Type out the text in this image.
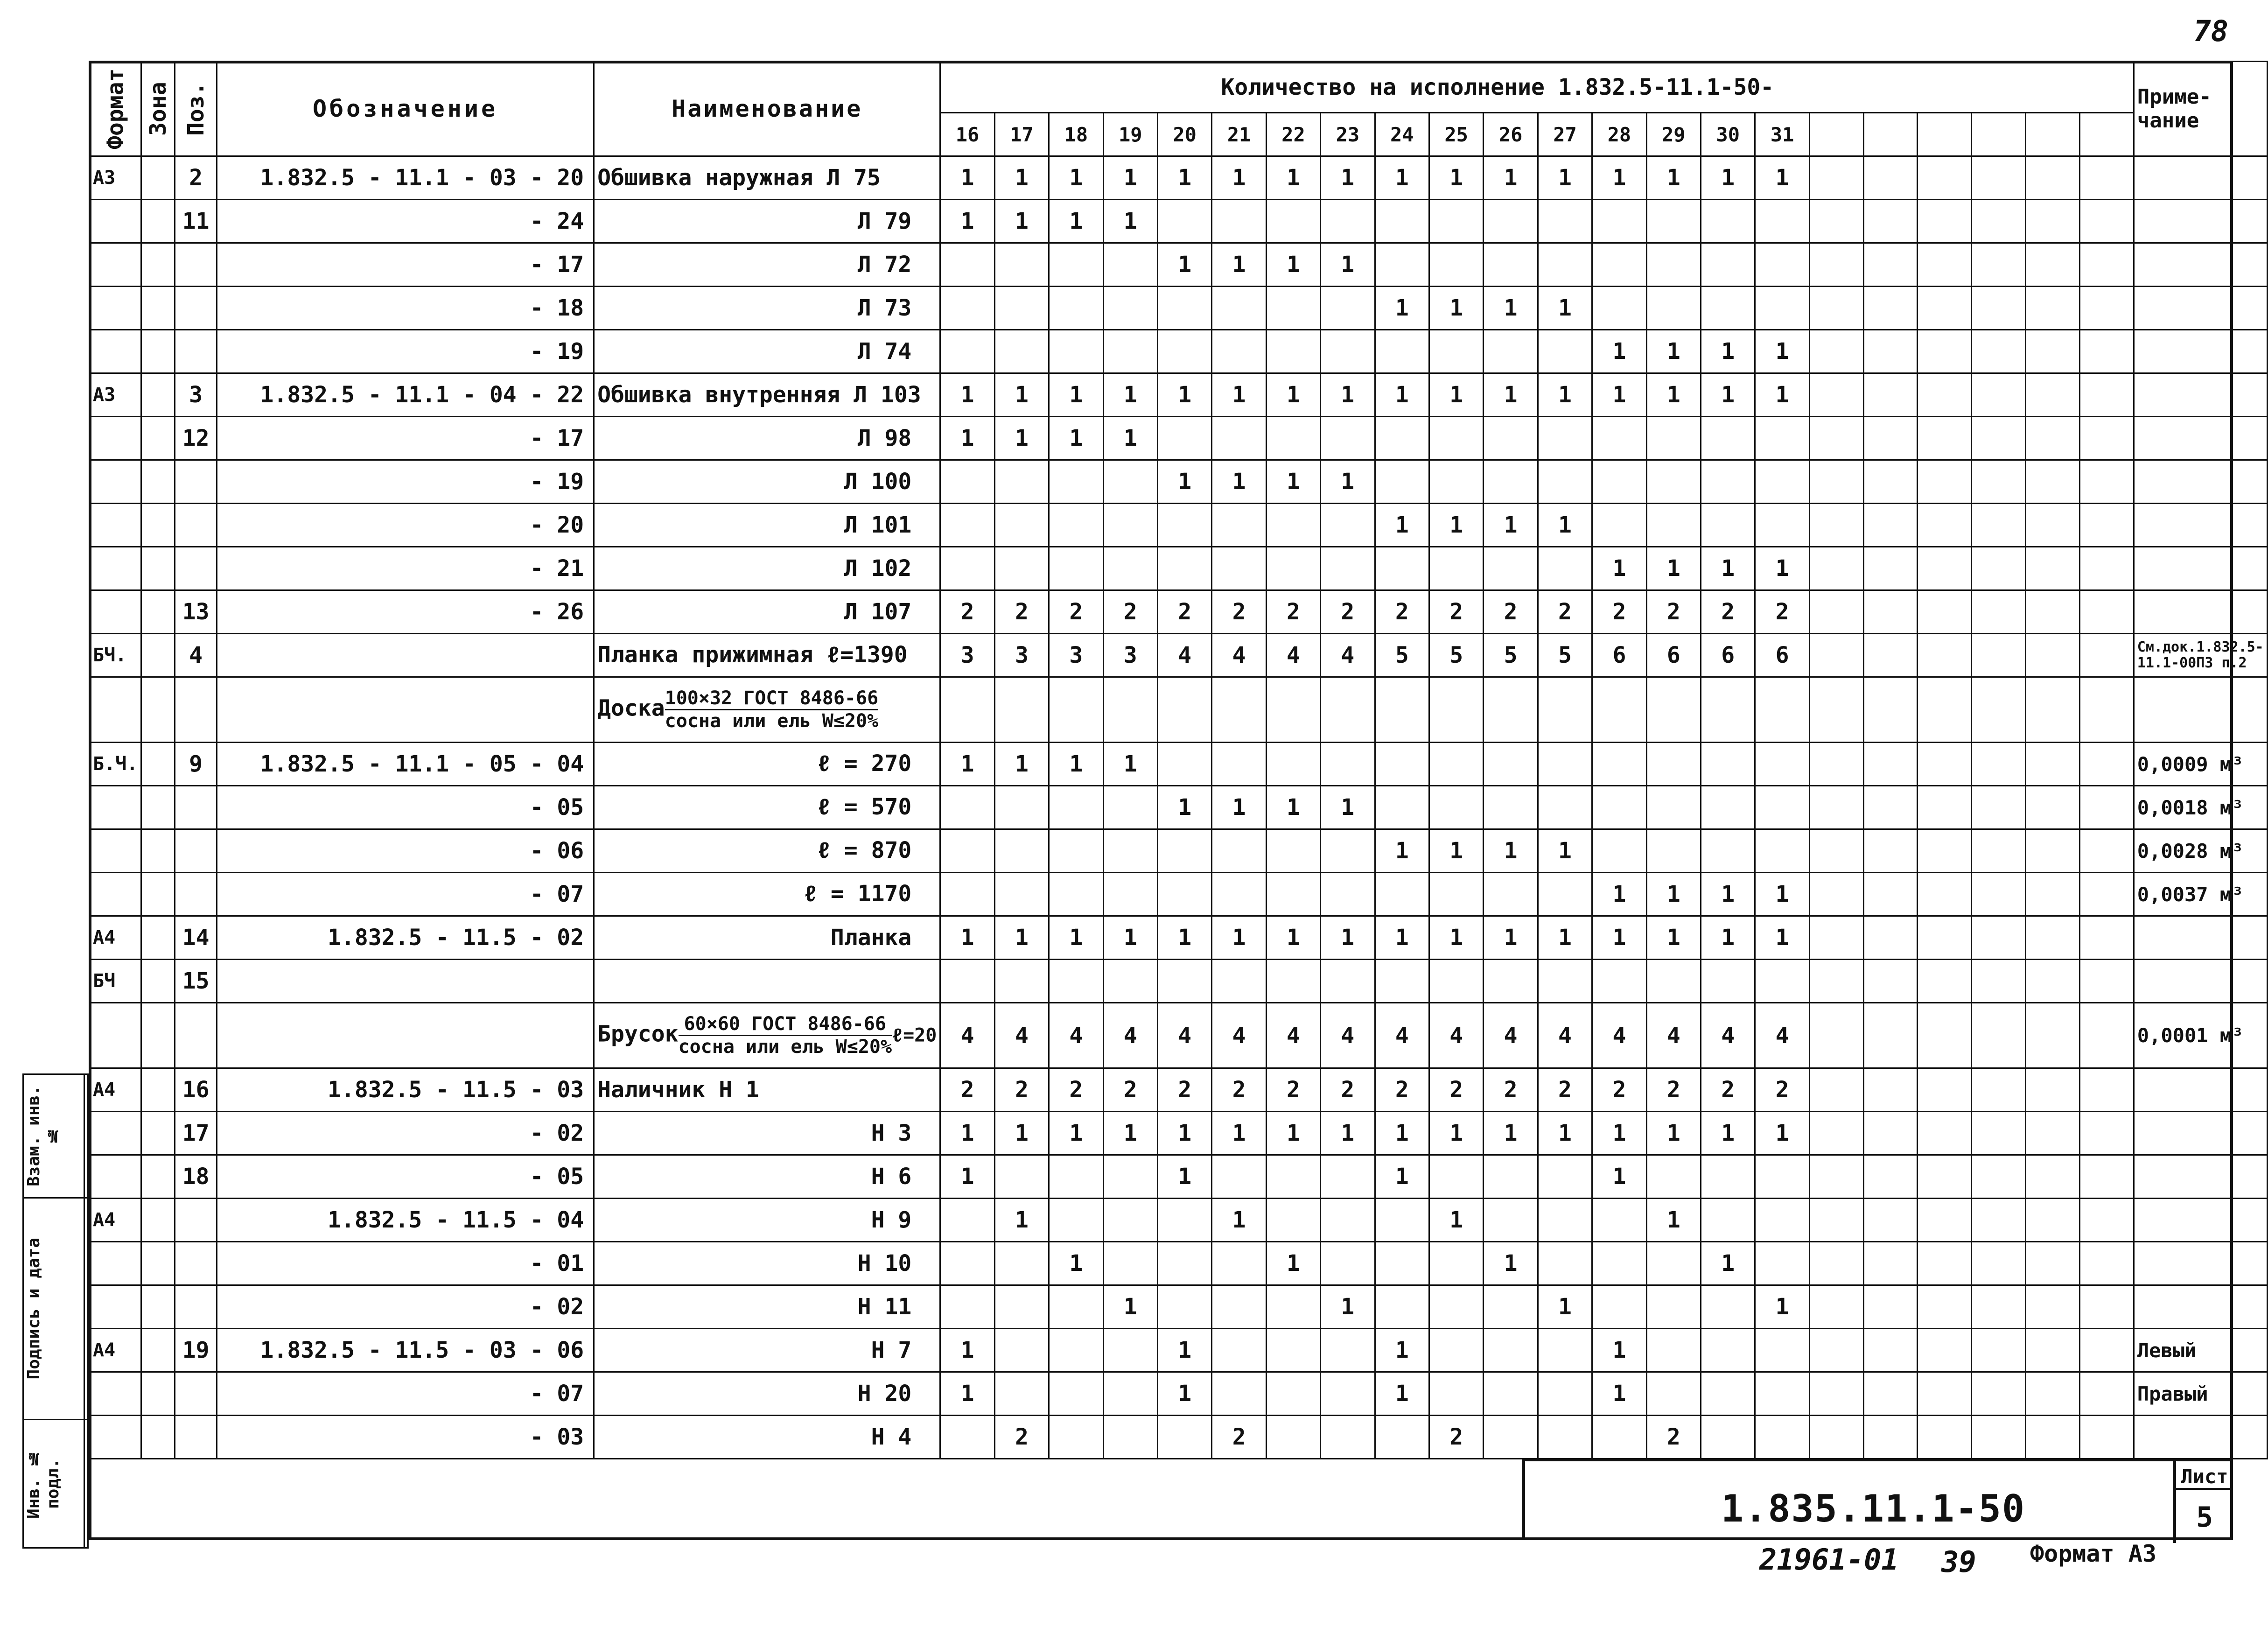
78
Формат	Зона	Поз.	Обозначение	Наименование	Количество на исполнение 1.832.5-11.1-50-																						Приме-чание
					16	17	18	19	20	21	22	23	24	25	26	27	28	29	30	31							
А3		2	1.832.5 - 11.1 - 03 - 20	Обшивка наружная Л 75	1	1	1	1	1	1	1	1	1	1	1	1	1	1	1	1							
		11	- 24	Л 79	1	1	1	1																			
			- 17	Л 72					1	1	1	1															
			- 18	Л 73									1	1	1	1											
			- 19	Л 74													1	1	1	1							
А3		3	1.832.5 - 11.1 - 04 - 22	Обшивка внутренняя Л 103	1	1	1	1	1	1	1	1	1	1	1	1	1	1	1	1							
		12	- 17	Л 98	1	1	1	1																			
			- 19	Л 100					1	1	1	1															
			- 20	Л 101									1	1	1	1											
			- 21	Л 102													1	1	1	1							
		13	- 26	Л 107	2	2	2	2	2	2	2	2	2	2	2	2	2	2	2	2							
БЧ.		4		Планка прижимная ℓ=1390	3	3	3	3	4	4	4	4	5	5	5	5	6	6	6	6							См.док.1.832.5-11.1-00ПЗ п.2
				Доска $\frac{\text{100×32 ГОСТ 8486-66}}{\text{сосна или ель W≤20\%}}$																							
Б.Ч.		9	1.832.5 - 11.1 - 05 - 04	ℓ = 270	1	1	1	1																			0,0009 м³
			- 05	ℓ = 570					1	1	1	1															0,0018 м³
			- 06	ℓ = 870									1	1	1	1											0,0028 м³
			- 07	ℓ = 1170													1	1	1	1							0,0037 м³
А4		14	1.832.5 - 11.5 - 02	Планка	1	1	1	1	1	1	1	1	1	1	1	1	1	1	1	1							
БЧ		15																									
				Брусок $\frac{\text{60×60 ГОСТ 8486-66}}{\text{сосна или ель W≤20\%}}\ell=20$	4	4	4	4	4	4	4	4	4	4	4	4	4	4	4	4							0,0001 м³
А4		16	1.832.5 - 11.5 - 03	Наличник Н 1	2	2	2	2	2	2	2	2	2	2	2	2	2	2	2	2							
		17	- 02	Н 3	1	1	1	1	1	1	1	1	1	1	1	1	1	1	1	1							
		18	- 05	Н 6	1				1				1				1										
А4			1.832.5 - 11.5 - 04	Н 9		1				1				1				1									
			- 01	Н 10			1				1				1				1								
			- 02	Н 11				1				1				1				1							
А4		19	1.832.5 - 11.5 - 03 - 06	Н 7	1				1				1				1										Левый
			- 07	Н 20	1				1				1				1										Правый
			- 03	Н 4		2				2				2				2									
Взам. инв. №	

Подпись и дата	

Инв. № подл.	
		1.835.11.1-50
Лист
5
21961-01 39 Формат А3
